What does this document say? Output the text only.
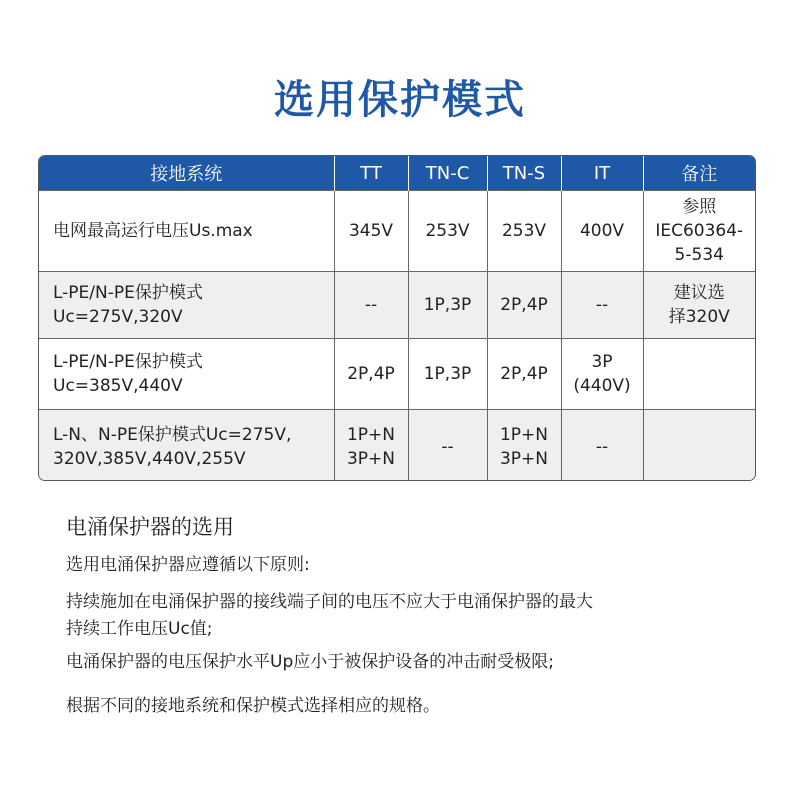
选用保护模式
接地系统	TT	TN-C	TN-S	IT	备注

电网最高运行电压Us.max	345V	253V	253V	400V	参照
IEC60364-
5-534

L-PE/N-PE保护模式
Uc=275V,320V	--	1P,3P	2P,4P	--	建议选
择320V

L-PE/N-PE保护模式
Uc=385V,440V	2P,4P	1P,3P	2P,4P	3P
(440V)	

L-N、N-PE保护模式Uc=275V,
320V,385V,440V,255V	1P+N
3P+N	--	1P+N
3P+N	--	

电涌保护器的选用
选用电涌保护器应遵循以下原则:
持续施加在电涌保护器的接线端子间的电压不应大于电涌保护器的最大
持续工作电压Uc值;
电涌保护器的电压保护水平Up应小于被保护设备的冲击耐受极限;
根据不同的接地系统和保护模式选择相应的规格。
